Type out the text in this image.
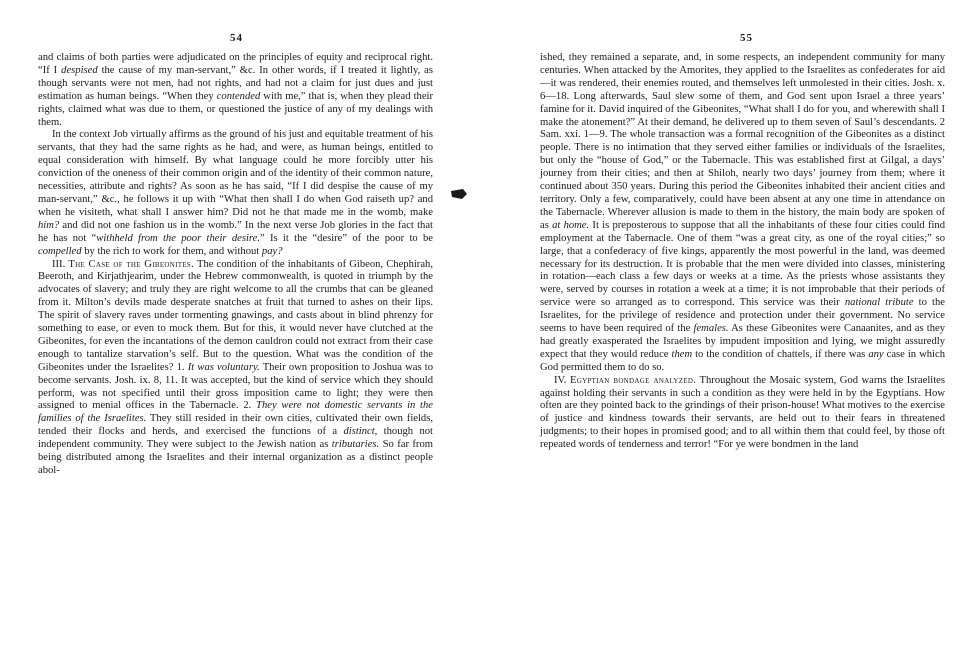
54

and claims of both parties were adjudicated on the principles of equity and reciprocal right. “If I despised the cause of my man-servant,” &c. In other words, if I treated it lightly, as though servants were not men, had not rights, and had not a claim for just dues and just estimation as human beings. “When they contended with me,” that is, when they plead their rights, claimed what was due to them, or questioned the justice of any of my dealings with them.

In the context Job virtually affirms as the ground of his just and equitable treatment of his servants, that they had the same rights as he had, and were, as human beings, entitled to equal consideration with himself. By what language could he more forcibly utter his conviction of the oneness of their common origin and of the identity of their common nature, necessities, attribute and rights? As soon as he has said, “If I did despise the cause of my man-servant,” &c., he follows it up with “What then shall I do when God raiseth up? and when he visiteth, what shall I answer him? Did not he that made me in the womb, make him? and did not one fashion us in the womb.” In the next verse Job glories in the fact that he has not “withheld from the poor their desire.” Is it the “desire” of the poor to be compelled by the rich to work for them, and without pay?

III. The Case of the Gibeonites. The condition of the inhabitants of Gibeon, Chephirah, Beeroth, and Kirjathjearim, under the Hebrew commonwealth, is quoted in triumph by the advocates of slavery; and truly they are right welcome to all the crumbs that can be gleaned from it. Milton’s devils made desperate snatches at fruit that turned to ashes on their lips. The spirit of slavery raves under tormenting gnawings, and casts about in blind phrenzy for something to ease, or even to mock them. But for this, it would never have clutched at the Gibeonites, for even the incantations of the demon cauldron could not extract from their case enough to tantalize starvation’s self. But to the question. What was the condition of the Gibeonites under the Israelites? 1. It was voluntary. Their own proposition to Joshua was to become servants. Josh. ix. 8, 11. It was accepted, but the kind of service which they should perform, was not specified until their gross imposition came to light; they were then assigned to menial offices in the Tabernacle. 2. They were not domestic servants in the families of the Israelites. They still resided in their own cities, cultivated their own fields, tended their flocks and herds, and exercised the functions of a distinct, though not independent community. They were subject to the Jewish nation as tributaries. So far from being distributed among the Israelites and their internal organization as a distinct people abol-

55

ished, they remained a separate, and, in some respects, an independent community for many centuries. When attacked by the Amorites, they applied to the Israelites as confederates for aid—it was rendered, their enemies routed, and themselves left unmolested in their cities. Josh. x. 6—18. Long afterwards, Saul slew some of them, and God sent upon Israel a three years’ famine for it. David inquired of the Gibeonites, “What shall I do for you, and wherewith shall I make the atonement?” At their demand, he delivered up to them seven of Saul’s descendants. 2 Sam. xxi. 1—9. The whole transaction was a formal recognition of the Gibeonites as a distinct people. There is no intimation that they served either families or individuals of the Israelites, but only the “house of God,” or the Tabernacle. This was established first at Gilgal, a days’ journey from their cities; and then at Shiloh, nearly two days’ journey from them; where it continued about 350 years. During this period the Gibeonites inhabited their ancient cities and territory. Only a few, comparatively, could have been absent at any one time in attendance on the Tabernacle. Wherever allusion is made to them in the history, the main body are spoken of as at home. It is preposterous to suppose that all the inhabitants of these four cities could find employment at the Tabernacle. One of them “was a great city, as one of the royal cities;” so large, that a confederacy of five kings, apparently the most powerful in the land, was deemed necessary for its destruction. It is probable that the men were divided into classes, ministering in rotation—each class a few days or weeks at a time. As the priests whose assistants they were, served by courses in rotation a week at a time; it is not improbable that their periods of service were so arranged as to correspond. This service was their national tribute to the Israelites, for the privilege of residence and protection under their government. No service seems to have been required of the females. As these Gibeonites were Canaanites, and as they had greatly exasperated the Israelites by impudent imposition and lying, we might assuredly expect that they would reduce them to the condition of chattels, if there was any case in which God permitted them to do so.

IV. Egyptian bondage analyzed. Throughout the Mosaic system, God warns the Israelites against holding their servants in such a condition as they were held in by the Egyptians. How often are they pointed back to the grindings of their prison-house! What motives to the exercise of justice and kindness towards their servants, are held out to their fears in threatened judgments; to their hopes in promised good; and to all within them that could feel, by those oft repeated words of tenderness and terror! “For ye were bondmen in the land
